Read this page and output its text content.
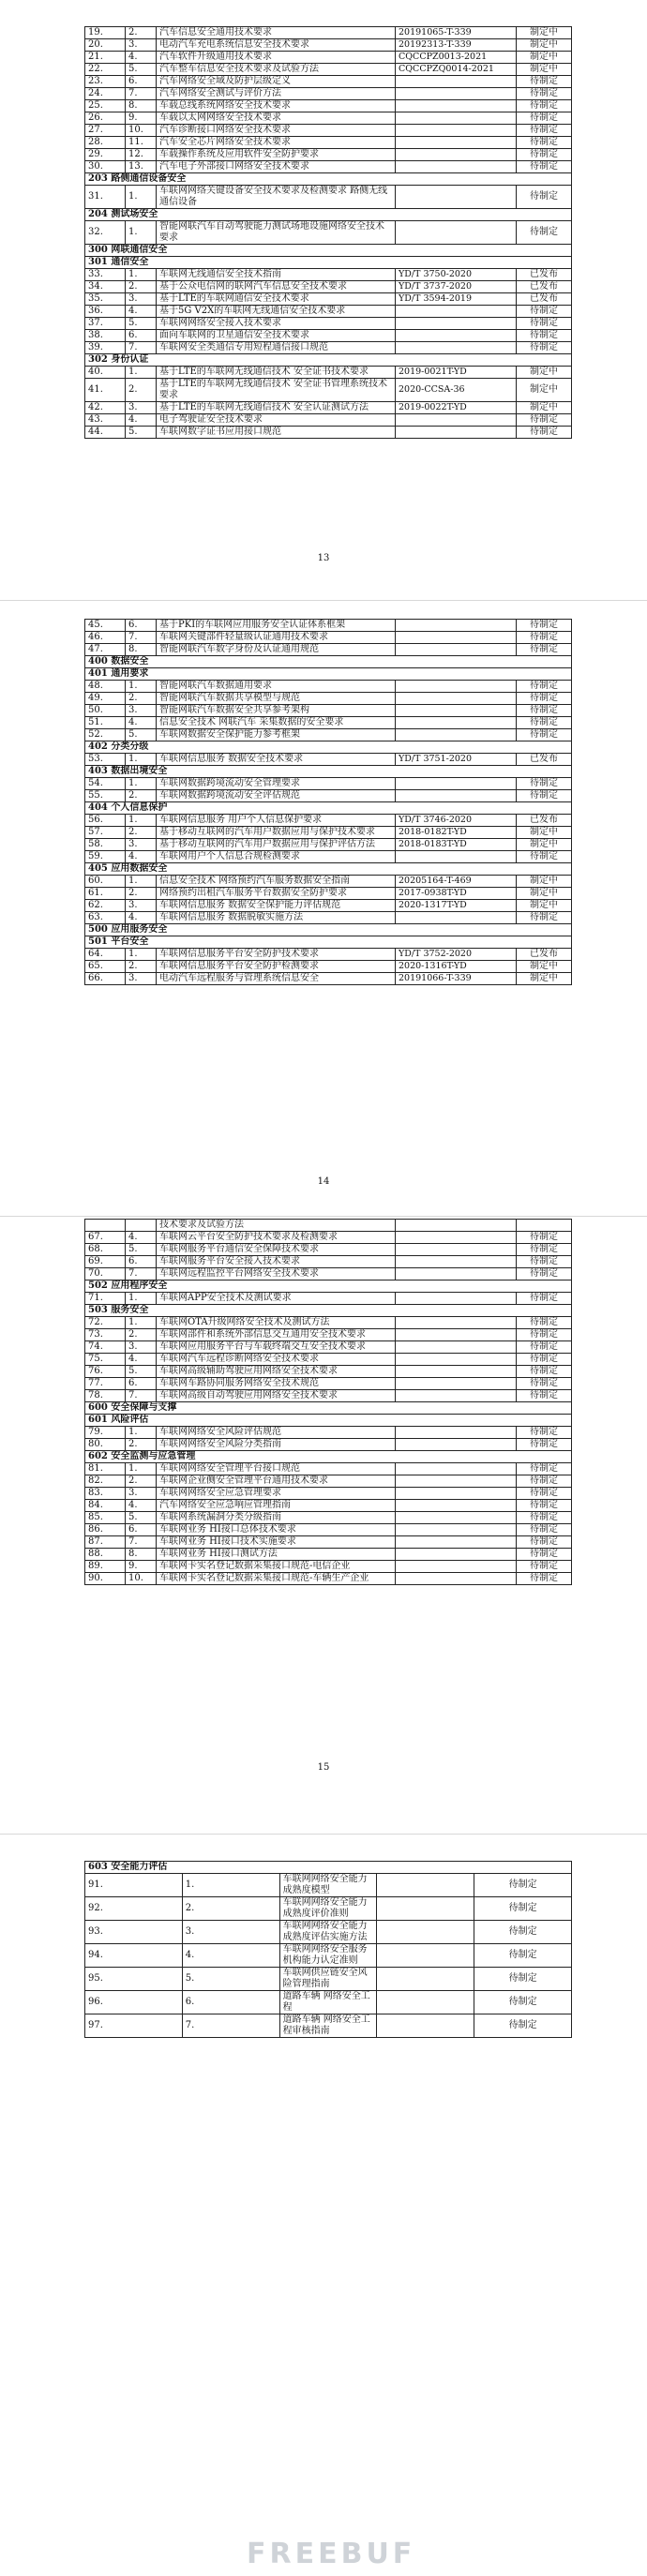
19.	2.	汽车信息安全通用技术要求	20191065-T-339	制定中
20.	3.	电动汽车充电系统信息安全技术要求	20192313-T-339	制定中
21.	4.	汽车软件升级通用技术要求	CQCCPZ0013-2021	制定中
22.	5.	汽车整车信息安全技术要求及试验方法	CQCCPZQ0014-2021	制定中
23.	6.	汽车网络安全域及防护层级定义		待制定
24.	7.	汽车网络安全测试与评价方法		待制定
25.	8.	车载总线系统网络安全技术要求		待制定
26.	9.	车载以太网网络安全技术要求		待制定
27.	10.	汽车诊断接口网络安全技术要求		待制定
28.	11.	汽车安全芯片网络安全技术要求		待制定
29.	12.	车载操作系统及应用软件安全防护要求		待制定
30.	13.	汽车电子外部接口网络安全技术要求		待制定
203 路侧通信设备安全				
31.	1.	车联网网络关键设备安全技术要求及检测要求 路侧无线通信设备		待制定
204 测试场安全				
32.	1.	智能网联汽车自动驾驶能力测试场地设施网络安全技术要求		待制定
300 网联通信安全				
301 通信安全				
33.	1.	车联网无线通信安全技术指南	YD/T 3750-2020	已发布
34.	2.	基于公众电信网的联网汽车信息安全技术要求	YD/T 3737-2020	已发布
35.	3.	基于LTE的车联网通信安全技术要求	YD/T 3594-2019	已发布
36.	4.	基于5G V2X的车联网无线通信安全技术要求		待制定
37.	5.	车联网网络安全接入技术要求		待制定
38.	6.	面向车联网的卫星通信安全技术要求		待制定
39.	7.	车联网安全类通信专用短程通信接口规范		待制定
302 身份认证				
40.	1.	基于LTE的车联网无线通信技术 安全证书技术要求	2019-0021T-YD	制定中
41.	2.	基于LTE的车联网无线通信技术 安全证书管理系统技术要求	2020-CCSA-36	制定中
42.	3.	基于LTE的车联网无线通信技术 安全认证测试方法	2019-0022T-YD	制定中
43.	4.	电子驾驶证安全技术要求		待制定
44.	5.	车联网数字证书应用接口规范		待制定
13
45.	6.	基于PKI的车联网应用服务安全认证体系框架		待制定
46.	7.	车联网关键部件轻量级认证通用技术要求		待制定
47.	8.	智能网联汽车数字身份及认证通用规范		待制定
400 数据安全				
401 通用要求				
48.	1.	智能网联汽车数据通用要求		待制定
49.	2.	智能网联汽车数据共享模型与规范		待制定
50.	3.	智能网联汽车数据安全共享参考架构		待制定
51.	4.	信息安全技术 网联汽车 采集数据的安全要求		待制定
52.	5.	车联网数据安全保护能力参考框架		待制定
402 分类分级				
53.	1.	车联网信息服务 数据安全技术要求	YD/T 3751-2020	已发布
403 数据出境安全				
54.	1.	车联网数据跨境流动安全管理要求		待制定
55.	2.	车联网数据跨境流动安全评估规范		待制定
404 个人信息保护				
56.	1.	车联网信息服务 用户个人信息保护要求	YD/T 3746-2020	已发布
57.	2.	基于移动互联网的汽车用户数据应用与保护技术要求	2018-0182T-YD	制定中
58.	3.	基于移动互联网的汽车用户数据应用与保护评估方法	2018-0183T-YD	制定中
59.	4.	车联网用户个人信息合规检测要求		待制定
405 应用数据安全				
60.	1.	信息安全技术 网络预约汽车服务数据安全指南	20205164-T-469	制定中
61.	2.	网络预约出租汽车服务平台数据安全防护要求	2017-0938T-YD	制定中
62.	3.	车联网信息服务 数据安全保护能力评估规范	2020-1317T-YD	制定中
63.	4.	车联网信息服务 数据脱敏实施方法		待制定
500 应用服务安全				
501 平台安全				
64.	1.	车联网信息服务平台安全防护技术要求	YD/T 3752-2020	已发布
65.	2.	车联网信息服务平台安全防护检测要求	2020-1316T-YD	制定中
66.	3.	电动汽车远程服务与管理系统信息安全	20191066-T-339	制定中
14
		技术要求及试验方法		
67.	4.	车联网云平台安全防护技术要求及检测要求		待制定
68.	5.	车联网服务平台通信安全保障技术要求		待制定
69.	6.	车联网服务平台安全接入技术要求		待制定
70.	7.	车联网远程监控平台网络安全技术要求		待制定
502 应用程序安全				
71.	1.	车联网APP安全技术及测试要求		待制定
503 服务安全				
72.	1.	车联网OTA升级网络安全技术及测试方法		待制定
73.	2.	车联网部件和系统外部信息交互通用安全技术要求		待制定
74.	3.	车联网应用服务平台与车载终端交互安全技术要求		待制定
75.	4.	车联网汽车远程诊断网络安全技术要求		待制定
76.	5.	车联网高级辅助驾驶应用网络安全技术要求		待制定
77.	6.	车联网车路协同服务网络安全技术规范		待制定
78.	7.	车联网高级自动驾驶应用网络安全技术要求		待制定
600 安全保障与支撑				
601 风险评估				
79.	1.	车联网网络安全风险评估规范		待制定
80.	2.	车联网网络安全风险分类指南		待制定
602 安全监测与应急管理				
81.	1.	车联网网络安全管理平台接口规范		待制定
82.	2.	车联网企业侧安全管理平台通用技术要求		待制定
83.	3.	车联网网络安全应急管理要求		待制定
84.	4.	汽车网络安全应急响应管理指南		待制定
85.	5.	车联网系统漏洞分类分级指南		待制定
86.	6.	车联网业务 HI接口总体技术要求		待制定
87.	7.	车联网业务 HI接口技术实施要求		待制定
88.	8.	车联网业务 HI接口测试方法		待制定
89.	9.	车联网卡实名登记数据采集接口规范-电信企业		待制定
90.	10.	车联网卡实名登记数据采集接口规范-车辆生产企业		待制定
15
603 安全能力评估				
91.	1.	车联网网络安全能力成熟度模型		待制定
92.	2.	车联网网络安全能力成熟度评价准则		待制定
93.	3.	车联网网络安全能力成熟度评估实施方法		待制定
94.	4.	车联网网络安全服务机构能力认定准则		待制定
95.	5.	车联网供应链安全风险管理指南		待制定
96.	6.	道路车辆 网络安全工程		待制定
97.	7.	道路车辆 网络安全工程审核指南		待制定
FREEBUF
